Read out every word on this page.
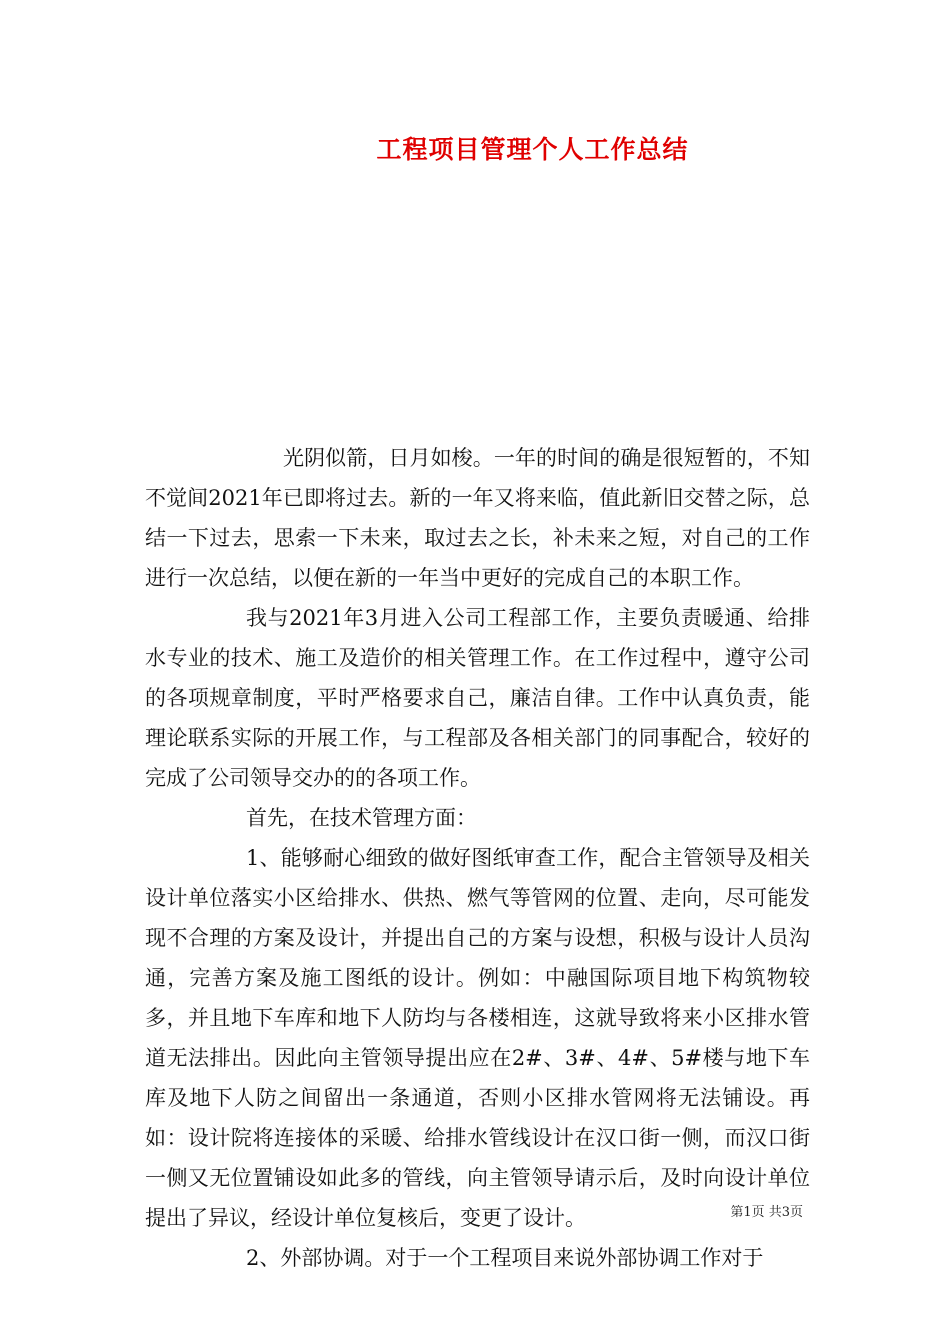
工程项目管理个人工作总结

光阴似箭，日月如梭。一年的时间的确是很短暂的，不知不觉间2021年已即将过去。新的一年又将来临，值此新旧交替之际，总结一下过去，思索一下未来，取过去之长，补未来之短，对自己的工作进行一次总结，以便在新的一年当中更好的完成自己的本职工作。

我与2021年3月进入公司工程部工作，主要负责暖通、给排水专业的技术、施工及造价的相关管理工作。在工作过程中，遵守公司的各项规章制度，平时严格要求自己，廉洁自律。工作中认真负责，能理论联系实际的开展工作，与工程部及各相关部门的同事配合，较好的完成了公司领导交办的的各项工作。

首先，在技术管理方面：

1、能够耐心细致的做好图纸审查工作，配合主管领导及相关设计单位落实小区给排水、供热、燃气等管网的位置、走向，尽可能发现不合理的方案及设计，并提出自己的方案与设想，积极与设计人员沟通，完善方案及施工图纸的设计。例如：中融国际项目地下构筑物较多，并且地下车库和地下人防均与各楼相连，这就导致将来小区排水管道无法排出。因此向主管领导提出应在2#、3#、4#、5#楼与地下车库及地下人防之间留出一条通道，否则小区排水管网将无法铺设。再如：设计院将连接体的采暖、给排水管线设计在汉口街一侧，而汉口街一侧又无位置铺设如此多的管线，向主管领导请示后，及时向设计单位提出了异议，经设计单位复核后，变更了设计。

2、外部协调。对于一个工程项目来说外部协调工作对于

第1页 共3页
